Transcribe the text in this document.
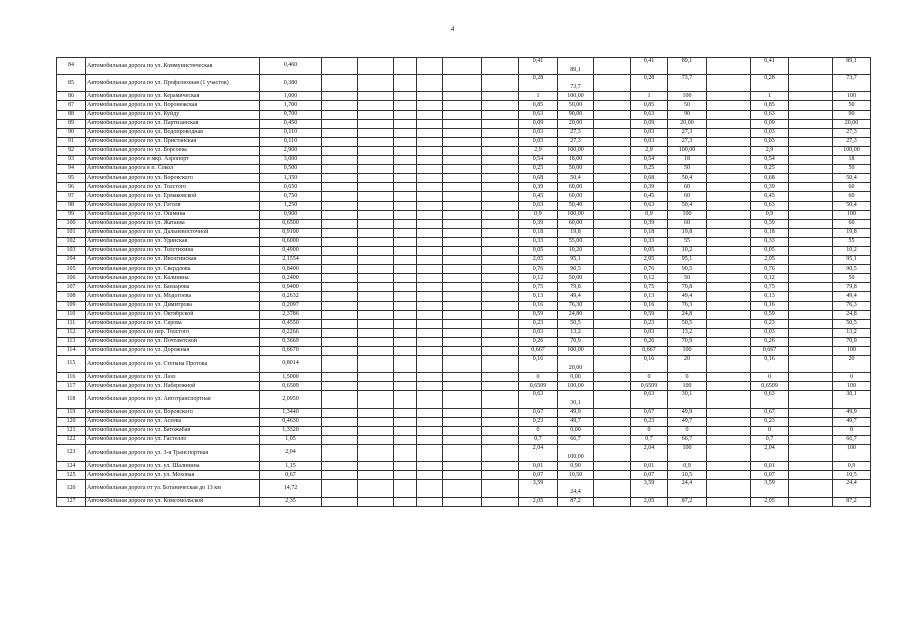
4
84	Автомобильная дорога по ул. Коммунистическая	0,460							0,41	89,1		0,41	89,1		0,41		89,1
85	Автомобильная дорога по ул. Профсоюзная (1 участок)	0,380							0,28	73,7		0,28	73,7		0,28		73,7
86	Автомобильная дорога по ул. Керамическая	1,000							1	100,00		1	100		1		100
87	Автомобильная дорога по ул. Воронежская	1,700							0,85	50,00		0,85	50		0,85		50
88	Автомобильная дорога по ул. Куйду	0,700							0,63	90,00		0,63	90		0,63		90
89	Автомобильная дорога по ул. Партизанская	0,450							0,09	20,00		0,09	20,00		0,09		20,00
90	Автомобильная дорога по ул. Водопроводная	0,110							0,03	27,3		0,03	27,3		0,03		27,3
91	Автомобильная дорога по ул. Пристанская	0,110							0,03	27,3		0,03	27,3		0,03		27,3
92	Автомобильная дорога по ул. Борсоева	2,900							2,9	100,00		2,9	100,00		2,9		100,00
93	Автомобильная дорога в мкр. Аэропорт	3,000							0,54	18,00		0,54	18		0,54		18
94	Автомобильная дорога в п. Сокол	0,500							0,25	50,00		0,25	50		0,25		50
95	Автомобильная дорога по ул. Воровского	1,350							0,68	50,4		0,68	50,4		0,68		50,4
96	Автомобильная дорога по ул. Толстого	0,650							0,39	60,00		0,39	60		0,39		60
97	Автомобильная дорога по ул. Ермаковской	0,750							0,45	60,00		0,45	60		0,45		60
98	Автомобильная дорога по ул. Гоголя	1,250							0,63	50,40		0,63	50,4		0,63		50,4
99	Автомобильная дорога по ул. Ошмина	0,900							0,9	100,00		0,9	100		0,9		100
100	Автомобильная дорога по ул. Жатаева	0,6500							0,39	60,00		0,39	60		0,39		60
101	Автомобильная дорога по ул. Дальневосточной	0,9100							0,18	19,8		0,18	19,8		0,18		19,8
102	Автомобильная дорога по ул. Удинская	0,6000							0,33	55,00		0,33	55		0,33		55
103	Автомобильная дорога по ул. Толстихина	0,4900							0,05	10,20		0,05	10,2		0,05		10,2
104	Автомобильная дорога по ул. Иволгинская	2,1554							2,05	95,1		2,05	95,1		2,05		95,1
105	Автомобильная дорога по ул. Свердлова	0,8400							0,76	90,5		0,76	90,5		0,76		90,5
106	Автомобильная дорога по ул. Калинина	0,2400							0,12	50,00		0,12	50		0,12		50
107	Автомобильная дорога по ул. Банзарова	0,9400							0,75	79,8		0,75	79,8		0,75		79,8
108	Автомобильная дорога по ул. Модогоева	0,2632							0,13	49,4		0,13	49,4		0,13		49,4
109	Автомобильная дорога по ул. Димитрова	0,2097							0,16	76,30		0,16	76,3		0,16		76,3
110	Автомобильная дорога по ул. Октябрской	2,3786							0,59	24,80		0,59	24,8		0,59		24,8
111	Автомобильная дорога по ул. Серова	0,4550							0,23	50,5		0,23	50,5		0,23		50,5
112	Автомобильная дорога по пер. Толстого	0,2266							0,03	13,2		0,03	13,2		0,03		13,2
113	Автомобильная дорога по ул. Почтамтской	0,3669							0,26	70,9		0,26	70,9		0,26		70,9
114	Автомобильная дорога по ул. Дорожная	0,6670							0,667	100,00		0,667	100		0,667		100
115	Автомобильная дорога по ул. Степана Протова	0,8014							0,16	20,00		0,16	20		0,16		20
116	Автомобильная дорога по ул. Лазо	1,5000							0	0,00		0	0		0		0
117	Автомобильная дорога по ул. Набережной	0,6509							0,6509	100,00		0,6509	100		0,6509		100
118	Автомобильная дорога по ул. Автотранспортная	2,0950							0,63	30,1		0,63	30,1		0,63		30,1
119	Автомобильная дорога по ул. Воровского	1,3440							0,67	49,9		0,67	49,9		0,67		49,9
120	Автомобильная дорога по ул. Асеева	0,4630							0,23	49,7		0,23	49,7		0,23		49,7
121	Автомобильная дорога по ул. Батожабая	1,3320							0	0,00		0	0		0		0
122	Автомобильная дорога по ул. Гастелло	1,05							0,7	66,7		0,7	66,7		0,7		66,7
123	Автомобильная дорога по ул. 3-я Транспортная	2,04							2,04	100,00		2,04	100		2,04		100
124	Автомобильная дорога по ул. ул. Шалинина	1,15							0,01	0,90		0,01	0,9		0,01		0,9
125	Автомобильная дорога по ул. ул. Моховая	0,67							0,07	10,50		0,07	10,5		0,07		10,5
126	Автомобильная дорога от ул. Ботаническая до 13 км	14,72							3,59	24,4		3,59	24,4		3,59		24,4
127	Автомобильная дорога по ул. Комсомольской	2,35							2,05	87,2		2,05	87,2		2,05		87,2
